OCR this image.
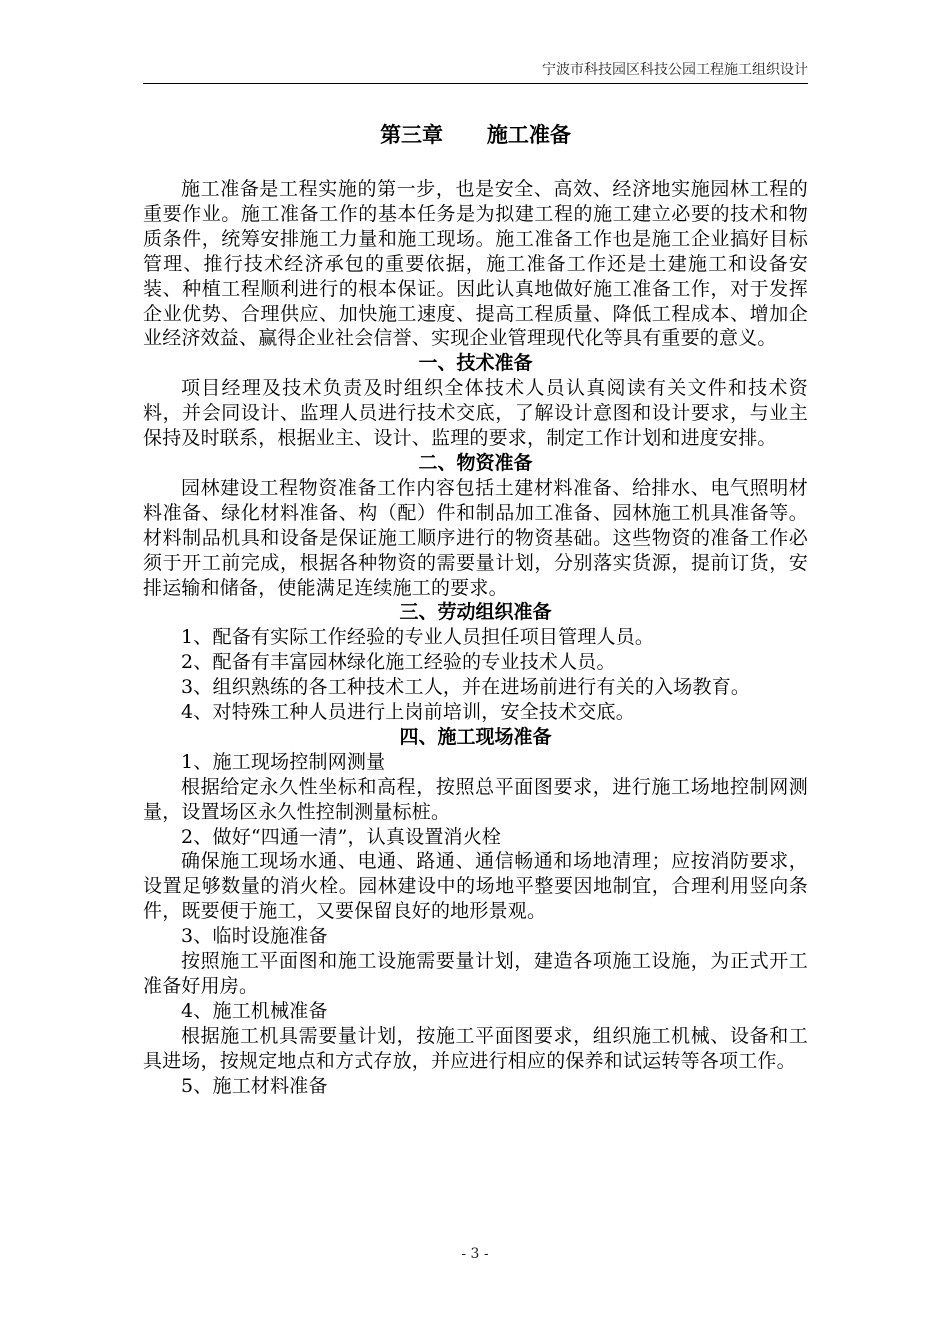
宁波市科技园区科技公园工程施工组织设计
第三章      施工准备

施工准备是工程实施的第一步，也是安全、高效、经济地实施园林工程的重要作业。施工准备工作的基本任务是为拟建工程的施工建立必要的技术和物质条件，统筹安排施工力量和施工现场。施工准备工作也是施工企业搞好目标管理、推行技术经济承包的重要依据，施工准备工作还是土建施工和设备安装、种植工程顺利进行的根本保证。因此认真地做好施工准备工作，对于发挥企业优势、合理供应、加快施工速度、提高工程质量、降低工程成本、增加企业经济效益、赢得企业社会信誉、实现企业管理现代化等具有重要的意义。

一、技术准备

项目经理及技术负责及时组织全体技术人员认真阅读有关文件和技术资料，并会同设计、监理人员进行技术交底，了解设计意图和设计要求，与业主保持及时联系，根据业主、设计、监理的要求，制定工作计划和进度安排。

二、物资准备

园林建设工程物资准备工作内容包括土建材料准备、给排水、电气照明材料准备、绿化材料准备、构（配）件和制品加工准备、园林施工机具准备等。材料制品机具和设备是保证施工顺序进行的物资基础。这些物资的准备工作必须于开工前完成，根据各种物资的需要量计划，分别落实货源，提前订货，安排运输和储备，使能满足连续施工的要求。

三、劳动组织准备

1、配备有实际工作经验的专业人员担任项目管理人员。

2、配备有丰富园林绿化施工经验的专业技术人员。

3、组织熟练的各工种技术工人，并在进场前进行有关的入场教育。

4、对特殊工种人员进行上岗前培训，安全技术交底。

四、施工现场准备

1、施工现场控制网测量

根据给定永久性坐标和高程，按照总平面图要求，进行施工场地控制网测量，设置场区永久性控制测量标桩。

2、做好“四通一清”，认真设置消火栓

确保施工现场水通、电通、路通、通信畅通和场地清理；应按消防要求，设置足够数量的消火栓。园林建设中的场地平整要因地制宜，合理利用竖向条件，既要便于施工，又要保留良好的地形景观。

3、临时设施准备

按照施工平面图和施工设施需要量计划，建造各项施工设施，为正式开工准备好用房。

4、施工机械准备

根据施工机具需要量计划，按施工平面图要求，组织施工机械、设备和工具进场，按规定地点和方式存放，并应进行相应的保养和试运转等各项工作。

5、施工材料准备

- 3 -
